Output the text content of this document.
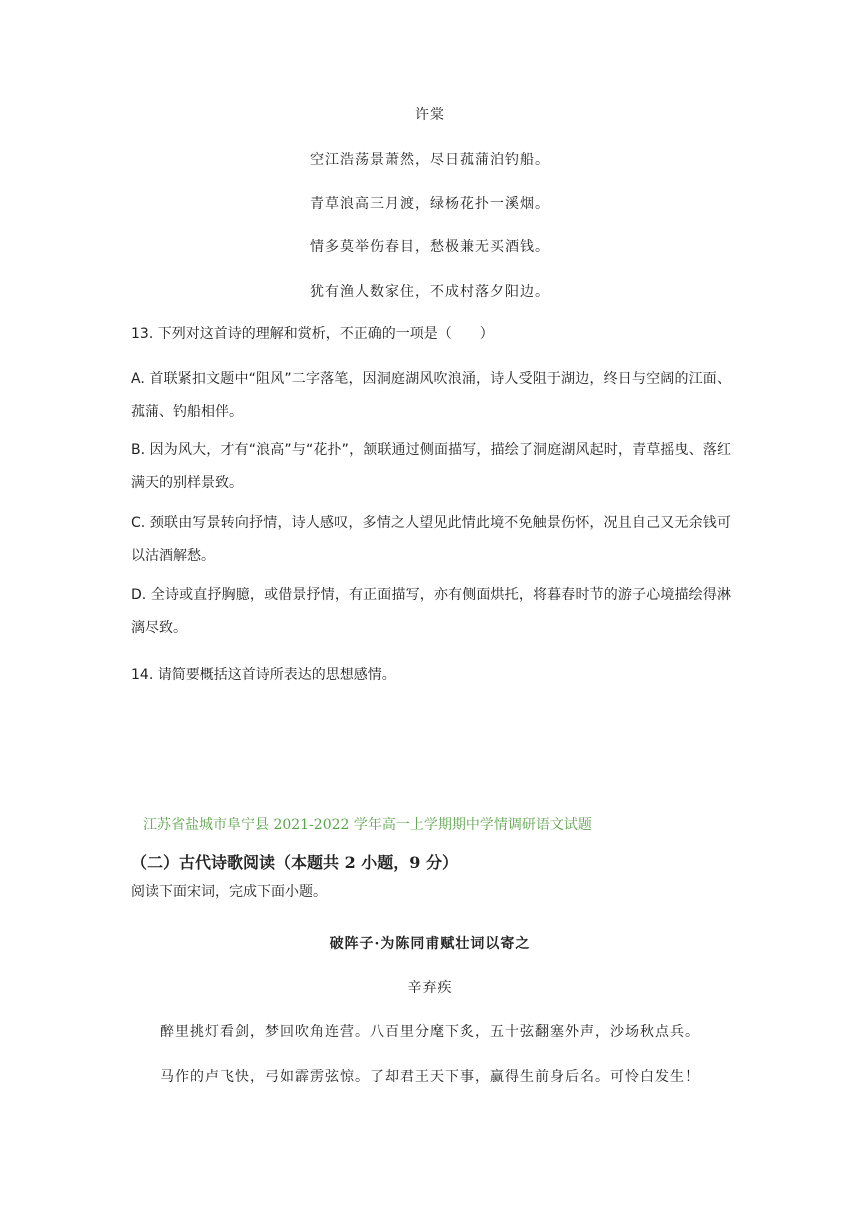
许棠
空江浩荡景萧然，尽日菰蒲泊钓船。
青草浪高三月渡，绿杨花扑一溪烟。
情多莫举伤春目，愁极兼无买酒钱。
犹有渔人数家住，不成村落夕阳边。
13. 下列对这首诗的理解和赏析，不正确的一项是（　　）
A. 首联紧扣文题中“阻风”二字落笔，因洞庭湖风吹浪涌，诗人受阻于湖边，终日与空阔的江面、菰蒲、钓船相伴。
B. 因为风大，才有“浪高”与“花扑”，颔联通过侧面描写，描绘了洞庭湖风起时，青草摇曳、落红满天的别样景致。
C. 颈联由写景转向抒情，诗人感叹，多情之人望见此情此境不免触景伤怀，况且自己又无余钱可以沽酒解愁。
D. 全诗或直抒胸臆，或借景抒情，有正面描写，亦有侧面烘托，将暮春时节的游子心境描绘得淋漓尽致。
14. 请简要概括这首诗所表达的思想感情。
江苏省盐城市阜宁县 2021-2022 学年高一上学期期中学情调研语文试题
（二）古代诗歌阅读（本题共 2 小题，9 分）
阅读下面宋词，完成下面小题。
破阵子·为陈同甫赋壮词以寄之
辛弃疾
醉里挑灯看剑，梦回吹角连营。八百里分麾下炙，五十弦翻塞外声，沙场秋点兵。
马作的卢飞快，弓如霹雳弦惊。了却君王天下事，赢得生前身后名。可怜白发生！
